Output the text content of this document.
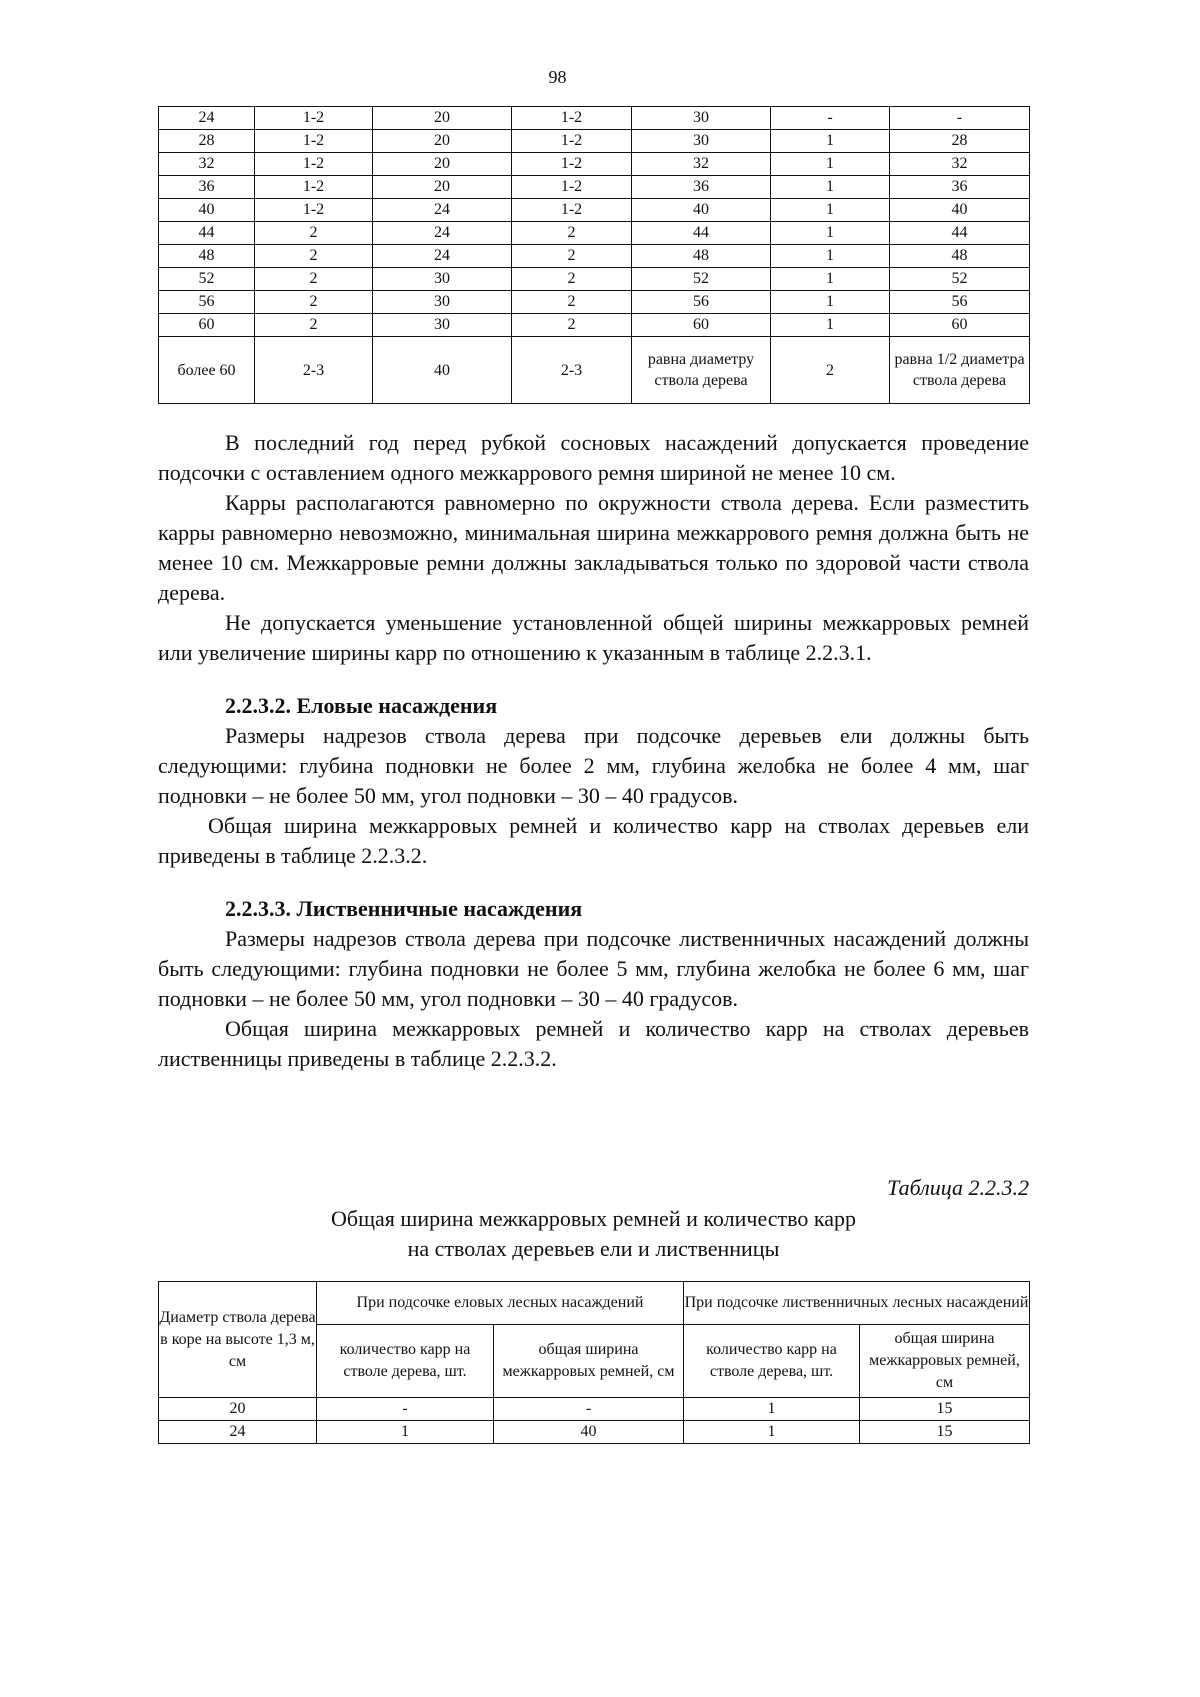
98
24	1-2	20	1-2	30	-	-
28	1-2	20	1-2	30	1	28
32	1-2	20	1-2	32	1	32
36	1-2	20	1-2	36	1	36
40	1-2	24	1-2	40	1	40
44	2	24	2	44	1	44
48	2	24	2	48	1	48
52	2	30	2	52	1	52
56	2	30	2	56	1	56
60	2	30	2	60	1	60
более 60	2-3	40	2-3	равна диаметру ствола дерева	2	равна 1/2 диаметра ствола дерева

В последний год перед рубкой сосновых насаждений допускается проведение подсочки с оставлением одного межкаррового ремня шириной не менее 10 см.

Карры располагаются равномерно по окружности ствола дерева. Если разместить карры равномерно невозможно, минимальная ширина межкаррового ремня должна быть не менее 10 см. Межкарровые ремни должны закладываться только по здоровой части ствола дерева.

Не допускается уменьшение установленной общей ширины межкарровых ремней или увеличение ширины карр по отношению к указанным в таблице 2.2.3.1.

2.2.3.2. Еловые насаждения

Размеры надрезов ствола дерева при подсочке деревьев ели должны быть следующими: глубина подновки не более 2 мм, глубина желобка не более 4 мм, шаг подновки – не более 50 мм, угол подновки – 30 – 40 градусов.

Общая ширина межкарровых ремней и количество карр на стволах деревьев ели приведены в таблице 2.2.3.2.

2.2.3.3. Лиственничные насаждения

Размеры надрезов ствола дерева при подсочке лиственничных насаждений должны быть следующими: глубина подновки не более 5 мм, глубина желобка не более 6 мм, шаг подновки – не более 50 мм, угол подновки – 30 – 40 градусов.

Общая ширина межкарровых ремней и количество карр на стволах деревьев лиственницы приведены в таблице 2.2.3.2.

Таблица 2.2.3.2
Общая ширина межкарровых ремней и количество карр
на стволах деревьев ели и лиственницы
Диаметр ствола дерева в коре на высоте 1,3 м, см	При подсочке еловых лесных насаждений		При подсочке лиственничных лесных насаждений	
	количество карр на стволе дерева, шт.	общая ширина межкарровых ремней, см	количество карр на стволе дерева, шт.	общая ширина межкарровых ремней, см
20	-	-	1	15
24	1	40	1	15
